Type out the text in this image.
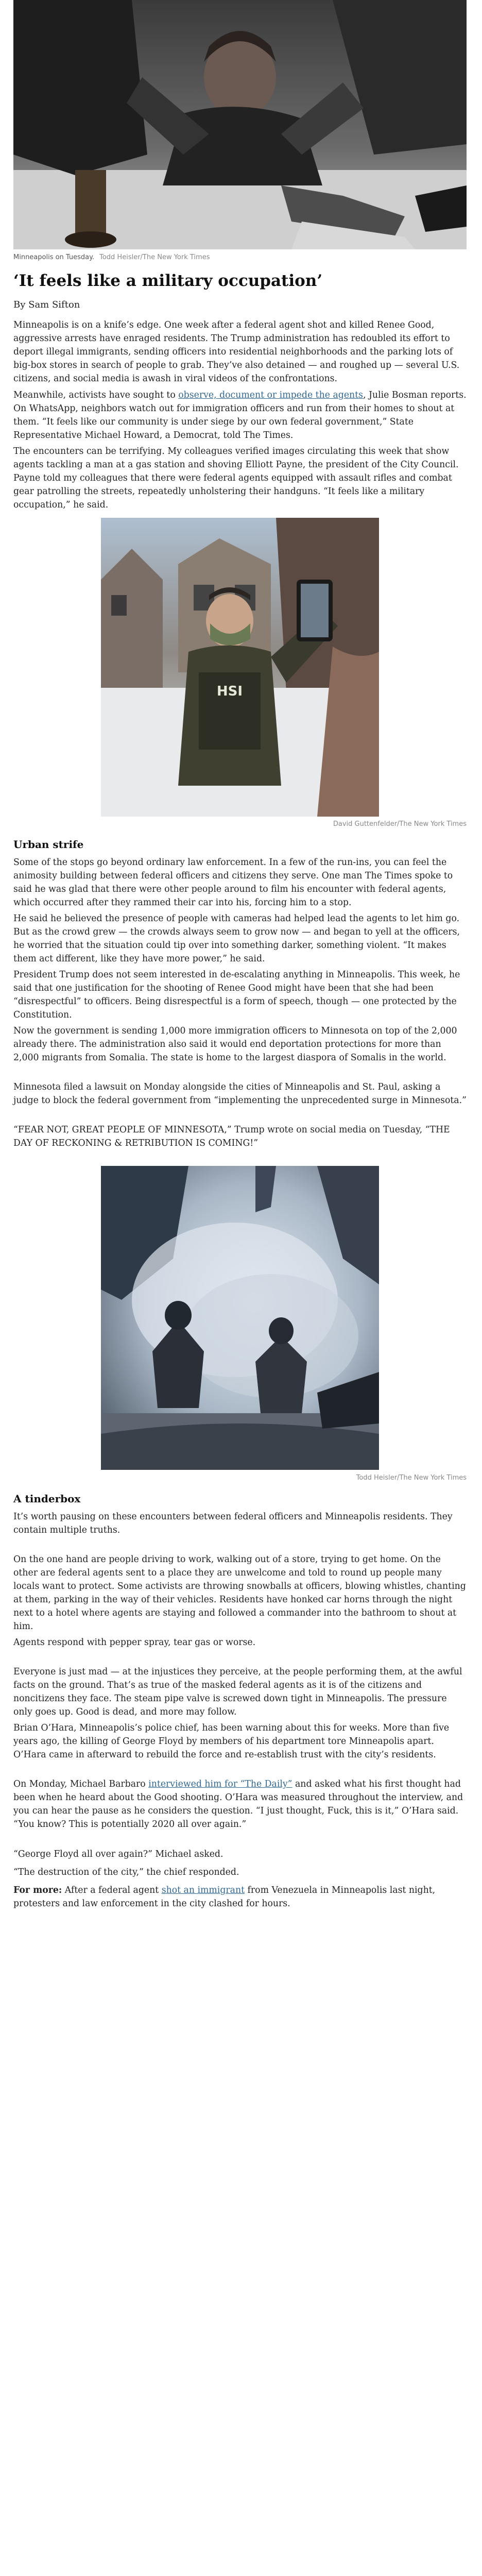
Minneapolis on Tuesday. Todd Heisler/The New York Times
‘It feels like a military occupation’
By Sam Sifton

Minneapolis is on a knife’s edge. One week after a federal agent shot and killed Renee Good, aggressive arrests have enraged residents. The Trump administration has redoubled its effort to deport illegal immigrants, sending officers into residential neighborhoods and the parking lots of big-box stores in search of people to grab. They’ve also detained — and roughed up — several U.S. citizens, and social media is awash in viral videos of the confrontations.

Meanwhile, activists have sought to observe, document or impede the agents, Julie Bosman reports. On WhatsApp, neighbors watch out for immigration officers and run from their homes to shout at them. “It feels like our community is under siege by our own federal government,” State Representative Michael Howard, a Democrat, told The Times.

The encounters can be terrifying. My colleagues verified images circulating this week that show agents tackling a man at a gas station and shoving Elliott Payne, the president of the City Council. Payne told my colleagues that there were federal agents equipped with assault rifles and combat gear patrolling the streets, repeatedly unholstering their handguns. “It feels like a military occupation,” he said.

HSI
David Guttenfelder/The New York Times
Urban strife

Some of the stops go beyond ordinary law enforcement. In a few of the run-ins, you can feel the animosity building between federal officers and citizens they serve. One man The Times spoke to said he was glad that there were other people around to film his encounter with federal agents, which occurred after they rammed their car into his, forcing him to a stop.

He said he believed the presence of people with cameras had helped lead the agents to let him go. But as the crowd grew — the crowds always seem to grow now — and began to yell at the officers, he worried that the situation could tip over into something darker, something violent. “It makes them act different, like they have more power,” he said.

President Trump does not seem interested in de-escalating anything in Minneapolis. This week, he said that one justification for the shooting of Renee Good might have been that she had been “disrespectful” to officers. Being disrespectful is a form of speech, though — one protected by the Constitution.

Now the government is sending 1,000 more immigration officers to Minnesota on top of the 2,000 already there. The administration also said it would end deportation protections for more than 2,000 migrants from Somalia. The state is home to the largest diaspora of Somalis in the world.

Minnesota filed a lawsuit on Monday alongside the cities of Minneapolis and St. Paul, asking a judge to block the federal government from “implementing the unprecedented surge in Minnesota.”

“FEAR NOT, GREAT PEOPLE OF MINNESOTA,” Trump wrote on social media on Tuesday, “THE DAY OF RECKONING & RETRIBUTION IS COMING!”

Todd Heisler/The New York Times
A tinderbox

It’s worth pausing on these encounters between federal officers and Minneapolis residents. They contain multiple truths.

On the one hand are people driving to work, walking out of a store, trying to get home. On the other are federal agents sent to a place they are unwelcome and told to round up people many locals want to protect. Some activists are throwing snowballs at officers, blowing whistles, chanting at them, parking in the way of their vehicles. Residents have honked car horns through the night next to a hotel where agents are staying and followed a commander into the bathroom to shout at him.

Agents respond with pepper spray, tear gas or worse.

Everyone is just mad — at the injustices they perceive, at the people performing them, at the awful facts on the ground. That’s as true of the masked federal agents as it is of the citizens and noncitizens they face. The steam pipe valve is screwed down tight in Minneapolis. The pressure only goes up. Good is dead, and more may follow.

Brian O’Hara, Minneapolis’s police chief, has been warning about this for weeks. More than five years ago, the killing of George Floyd by members of his department tore Minneapolis apart. O’Hara came in afterward to rebuild the force and re-establish trust with the city’s residents.

On Monday, Michael Barbaro interviewed him for “The Daily” and asked what his first thought had been when he heard about the Good shooting. O’Hara was measured throughout the interview, and you can hear the pause as he considers the question. “I just thought, Fuck, this is it,” O’Hara said. “You know? This is potentially 2020 all over again.”

“George Floyd all over again?” Michael asked.

“The destruction of the city,” the chief responded.

For more: After a federal agent shot an immigrant from Venezuela in Minneapolis last night, protesters and law enforcement in the city clashed for hours.
